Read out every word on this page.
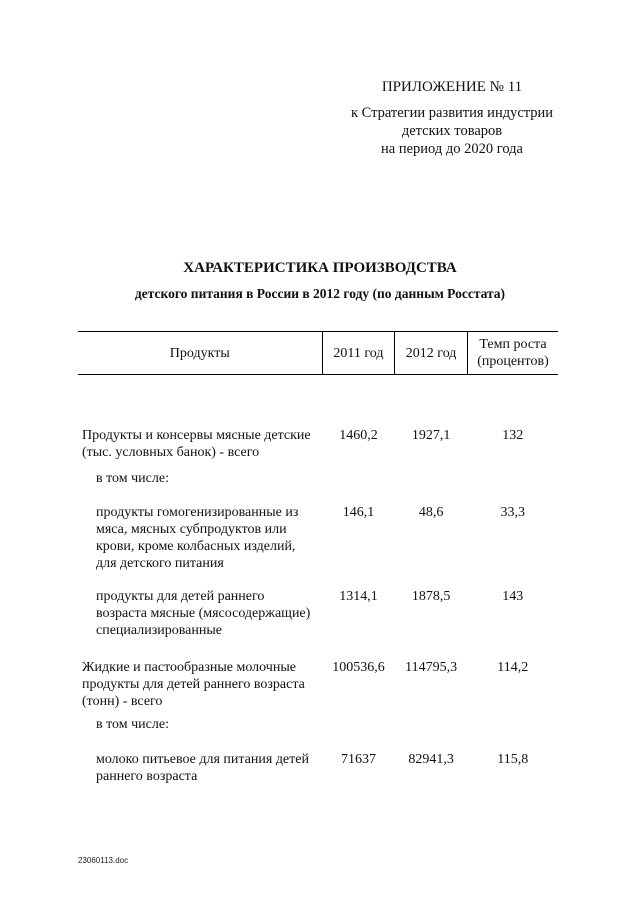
ПРИЛОЖЕНИЕ № 11
к Стратегии развития индустрии
детских товаров
на период до 2020 года
ХАРАКТЕРИСТИКА ПРОИЗВОДСТВА
детского питания в России в 2012 году (по данным Росстата)
Продукты	2011 год	2012 год	Темп роста (процентов)
Продукты и консервы мясные детские (тыс. условных банок) - всего	1460,2	1927,1	132
в том числе:			
продукты гомогенизированные из мяса, мясных субпродуктов или крови, кроме колбасных изделий, для детского питания	146,1	48,6	33,3
продукты для детей раннего возраста мясные (мясосодержащие) специализированные	1314,1	1878,5	143
Жидкие и пастообразные молочные продукты для детей раннего возраста (тонн) - всего	100536,6	114795,3	114,2
в том числе:			
молоко питьевое для питания детей раннего возраста	71637	82941,3	115,8
23060113.doc
